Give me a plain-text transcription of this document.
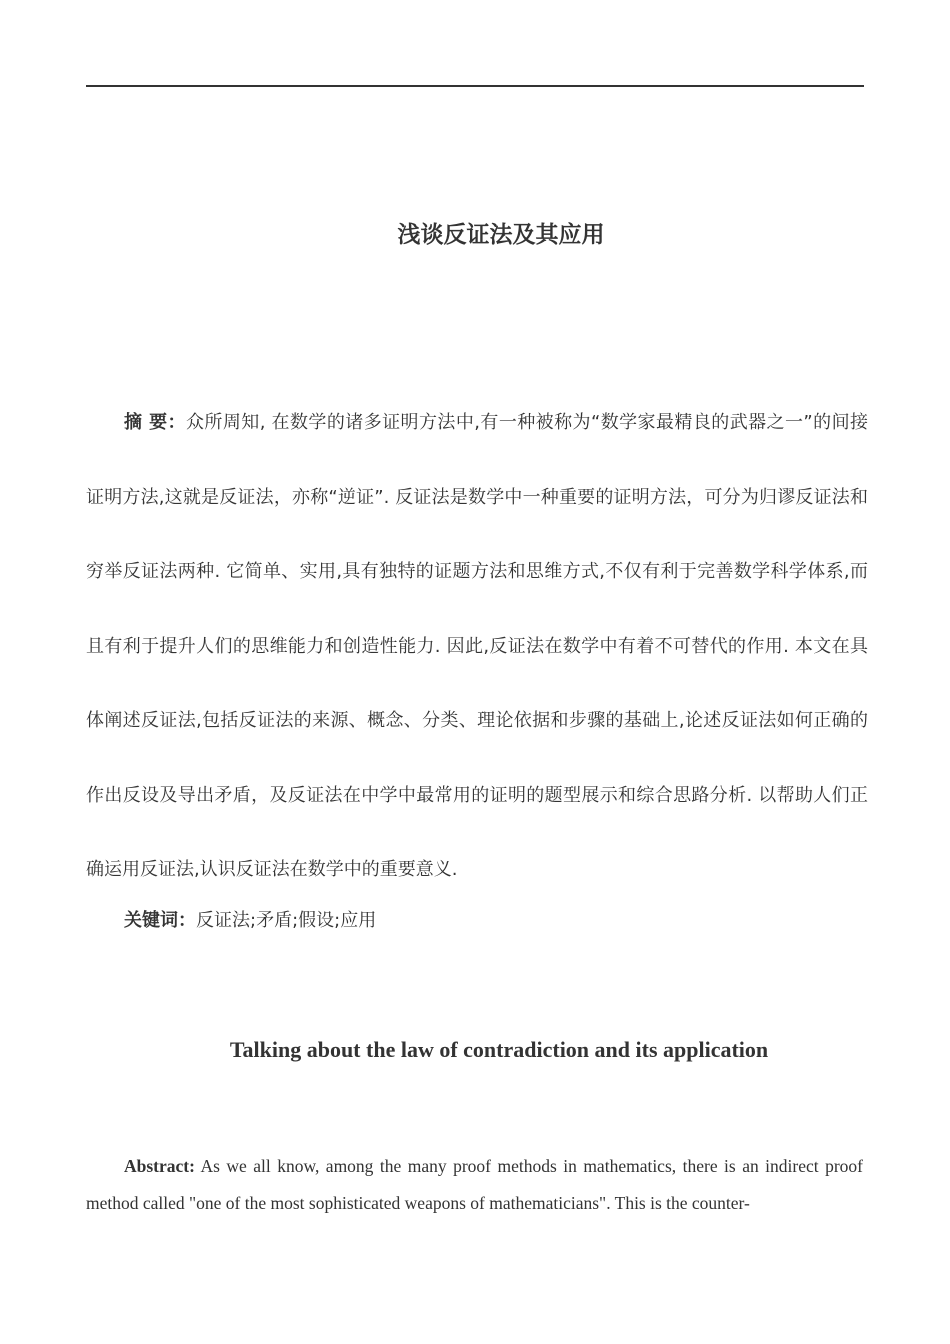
浅谈反证法及其应用

摘 要：众所周知, 在数学的诸多证明方法中,有一种被称为“数学家最精良的武器之一”的间接证明方法,这就是反证法，亦称“逆证”. 反证法是数学中一种重要的证明方法，可分为归谬反证法和穷举反证法两种. 它简单、实用,具有独特的证题方法和思维方式,不仅有利于完善数学科学体系,而且有利于提升人们的思维能力和创造性能力. 因此,反证法在数学中有着不可替代的作用. 本文在具体阐述反证法,包括反证法的来源、概念、分类、理论依据和步骤的基础上,论述反证法如何正确的作出反设及导出矛盾，及反证法在中学中最常用的证明的题型展示和综合思路分析. 以帮助人们正确运用反证法,认识反证法在数学中的重要意义.

关键词：反证法;矛盾;假设;应用

Talking about the law of contradiction and its application

Abstract: As we all know, among the many proof methods in mathematics, there is an indirect proof method called "one of the most sophisticated weapons of mathematicians". This is the counter-
